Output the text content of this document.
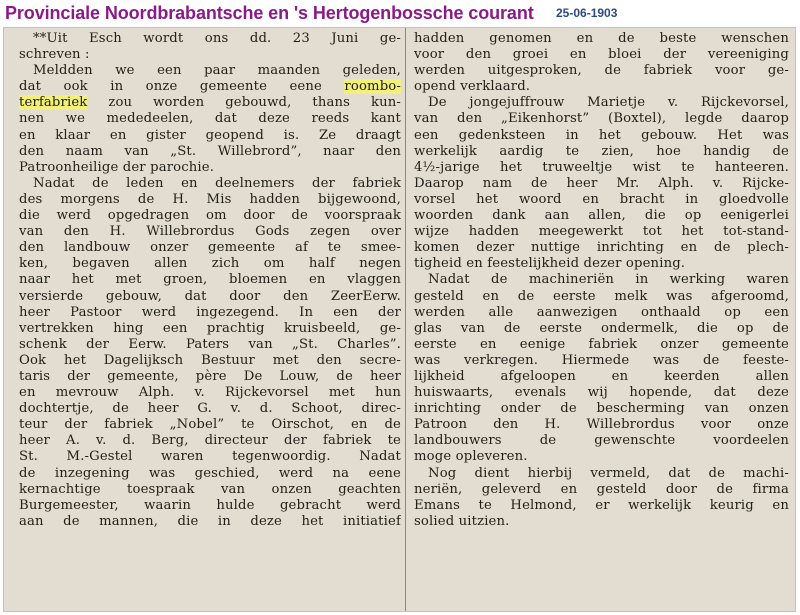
Provinciale Noordbrabantsche en 's Hertogenbossche courant 25-06-1903
**Uit Esch wordt ons dd. 23 Juni ge-
schreven :
Meldden we een paar maanden geleden,
dat ook in onze gemeente eene roombo-
terfabriek zou worden gebouwd, thans kun-
nen we mededeelen, dat deze reeds kant
en klaar en gister geopend is. Ze draagt
den naam van „St. Willebrord”, naar den
Patroonheilige der parochie.
Nadat de leden en deelnemers der fabriek
des morgens de H. Mis hadden bijgewoond,
die werd opgedragen om door de voorspraak
van den H. Willebrordus Gods zegen over
den landbouw onzer gemeente af te smee-
ken, begaven allen zich om half negen
naar het met groen, bloemen en vlaggen
versierde gebouw, dat door den ZeerEerw.
heer Pastoor werd ingezegend. In een der
vertrekken hing een prachtig kruisbeeld, ge-
schenk der Eerw. Paters van „St. Charles”.
Ook het Dagelijksch Bestuur met den secre-
taris der gemeente, père De Louw, de heer
en mevrouw Alph. v. Rijckevorsel met hun
dochtertje, de heer G. v. d. Schoot, direc-
teur der fabriek „Nobel” te Oirschot, en de
heer A. v. d. Berg, directeur der fabriek te
St. M.-Gestel waren tegenwoordig. Nadat
de inzegening was geschied, werd na eene
kernachtige toespraak van onzen geachten
Burgemeester, waarin hulde gebracht werd
aan de mannen, die in deze het initiatief
hadden genomen en de beste wenschen
voor den groei en bloei der vereeniging
werden uitgesproken, de fabriek voor ge-
opend verklaard.
De jongejuffrouw Marietje v. Rijckevorsel,
van den „Eikenhorst” (Boxtel), legde daarop
een gedenksteen in het gebouw. Het was
werkelijk aardig te zien, hoe handig de
4½-jarige het truweeltje wist te hanteeren.
Daarop nam de heer Mr. Alph. v. Rijcke-
vorsel het woord en bracht in gloedvolle
woorden dank aan allen, die op eenigerlei
wijze hadden meegewerkt tot het tot-stand-
komen dezer nuttige inrichting en de plech-
tigheid en feestelijkheid dezer opening.
Nadat de machineriën in werking waren
gesteld en de eerste melk was afgeroomd,
werden alle aanwezigen onthaald op een
glas van de eerste ondermelk, die op de
eerste en eenige fabriek onzer gemeente
was verkregen. Hiermede was de feeste-
lijkheid afgeloopen en keerden allen
huiswaarts, evenals wij hopende, dat deze
inrichting onder de bescherming van onzen
Patroon den H. Willebrordus voor onze
landbouwers de gewenschte voordeelen
moge opleveren.
Nog dient hierbij vermeld, dat de machi-
neriën, geleverd en gesteld door de firma
Emans te Helmond, er werkelijk keurig en
solied uitzien.
